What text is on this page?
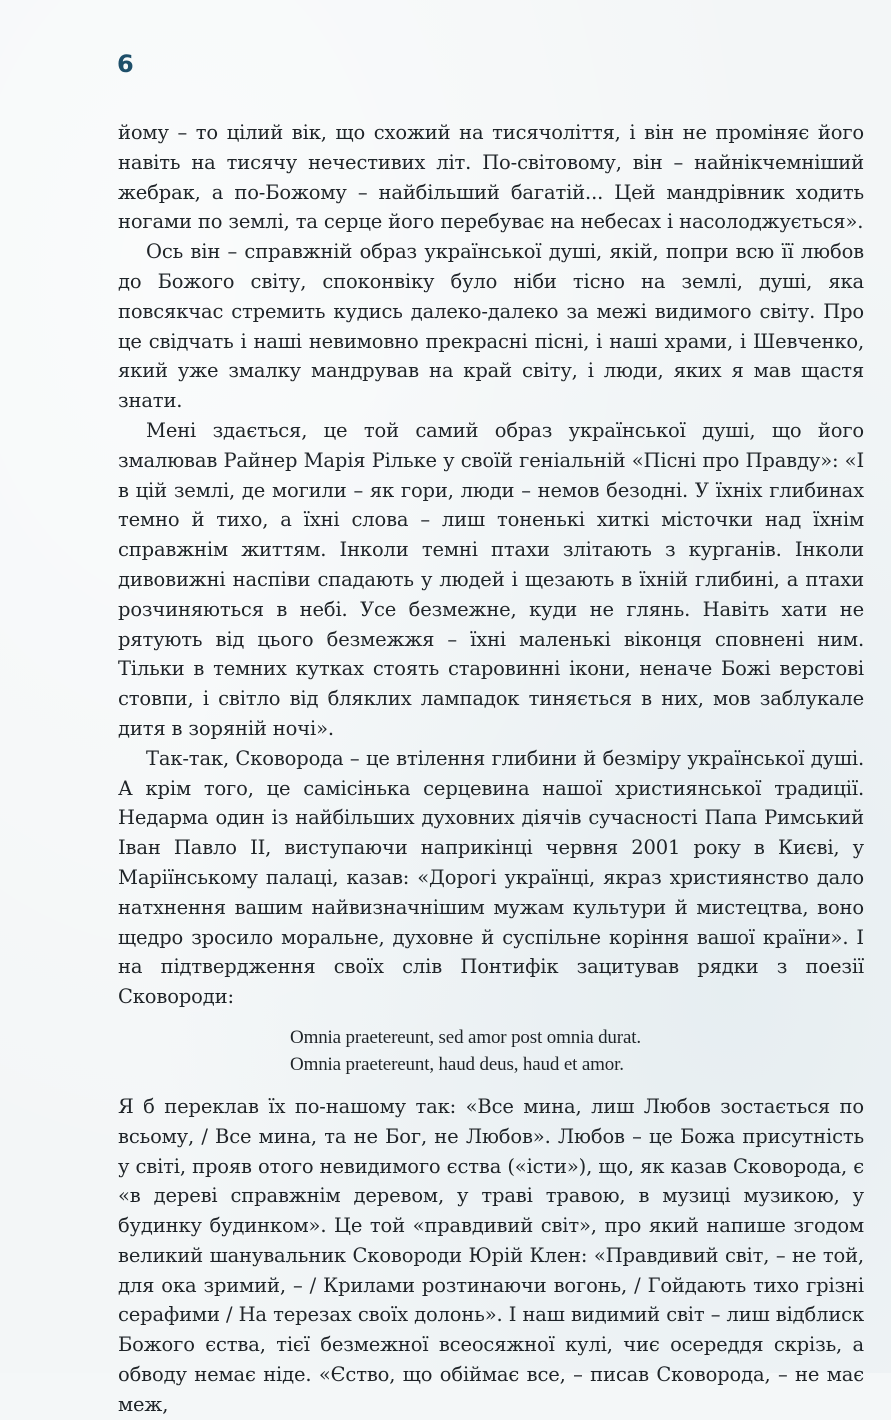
6

йому – то цілий вік, що схожий на тисячоліття, і він не проміняє його навіть на тисячу нечестивих літ. По-світовому, він – найнікчемніший жебрак, а по-Божому – найбільший багатій... Цей мандрівник ходить ногами по землі, та серце його перебуває на небесах і насолоджується».

Ось він – справжній образ української душі, якій, попри всю її любов до Божого світу, споконвіку було ніби тісно на землі, душі, яка повсякчас стремить кудись далеко-далеко за межі видимого світу. Про це свідчать і наші невимовно прекрасні пісні, і наші храми, і Шевченко, який уже змалку мандрував на край світу, і люди, яких я мав щастя знати.

Мені здається, це той самий образ української душі, що його змалював Райнер Марія Рільке у своїй геніальній «Пісні про Правду»: «І в цій землі, де могили – як гори, люди – немов безодні. У їхніх глибинах темно й тихо, а їхні слова – лиш тоненькі хиткі місточки над їхнім справжнім життям. Інколи темні птахи злітають з курганів. Інколи дивовижні наспіви спадають у людей і щезають в їхній глибині, а птахи розчиняються в небі. Усе безмежне, куди не глянь. Навіть хати не рятують від цього безмежжя – їхні маленькі віконця сповнені ним. Тільки в темних кутках стоять старовинні ікони, неначе Божі верстові стовпи, і світло від бляклих лампадок тиняється в них, мов заблукале дитя в зоряній ночі».

Так-так, Сковорода – це втілення глибини й безміру української душі. А крім того, це самісінька серцевина нашої християнської традиції. Недарма один із найбільших духовних діячів сучасності Папа Римський Іван Павло II, виступаючи наприкінці червня 2001 року в Києві, у Маріїнському палаці, казав: «Дорогі українці, якраз християнство дало натхнення вашим найвизначнішим мужам культури й мистецтва, воно щедро зросило моральне, духовне й суспільне коріння вашої країни». І на підтвердження своїх слів Понтифік зацитував рядки з поезії Сковороди:

Omnia praetereunt, sed amor post omnia durat.
Omnia praetereunt, haud deus, haud et amor.

Я б переклав їх по-нашому так: «Все мина, лиш Любов зостається по всьому, / Все мина, та не Бог, не Любов». Любов – це Божа присутність у світі, прояв отого невидимого єства («істи»), що, як казав Сковорода, є «в дереві справжнім деревом, у траві травою, в музиці музикою, у будинку будинком». Це той «правдивий світ», про який напише згодом великий шанувальник Сковороди Юрій Клен: «Правдивий світ, – не той, для ока зримий, – / Крилами розтинаючи вогонь, / Гойдають тихо грізні серафими / На терезах своїх долонь». І наш видимий світ – лиш відблиск Божого єства, тієї безмежної всеосяжної кулі, чиє осереддя скрізь, а обводу немає ніде. «Єство, що обіймає все, – писав Сковорода, – не має меж,
